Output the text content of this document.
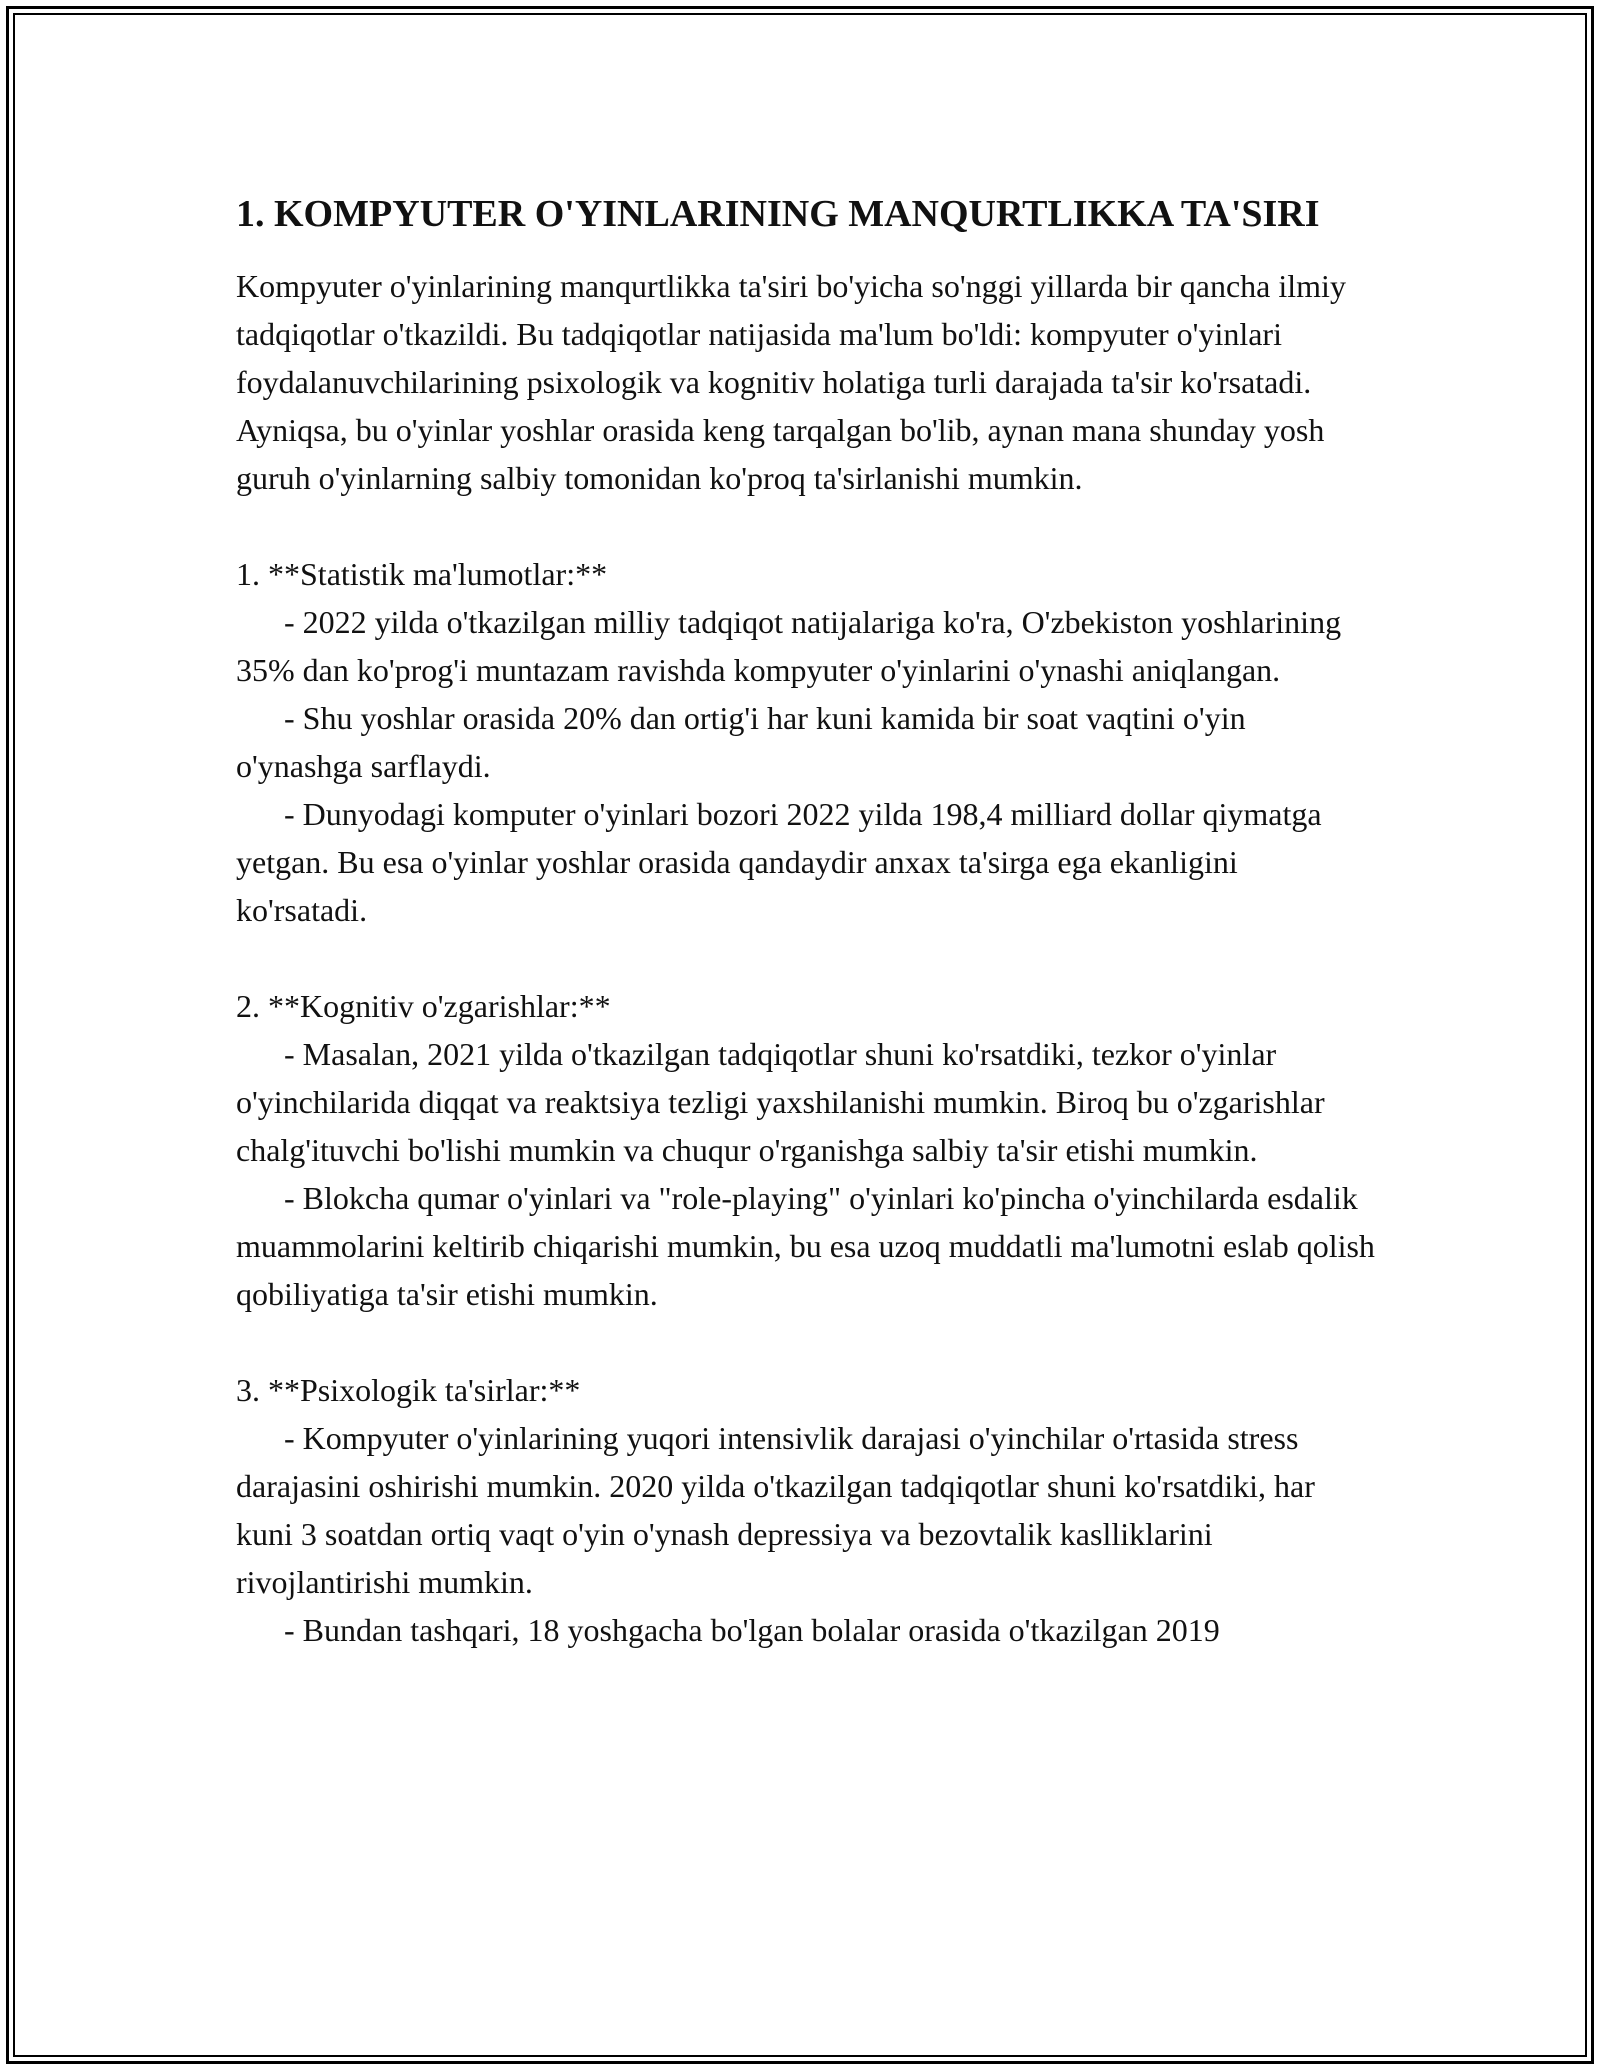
1. KOMPYUTER O'YINLARINING MANQURTLIKKA TA'SIRI

Kompyuter o'yinlarining manqurtlikka ta'siri bo'yicha so'nggi yillarda bir qancha ilmiy tadqiqotlar o'tkazildi. Bu tadqiqotlar natijasida ma'lum bo'ldi: kompyuter o'yinlari foydalanuvchilarining psixologik va kognitiv holatiga turli darajada ta'sir ko'rsatadi. Ayniqsa, bu o'yinlar yoshlar orasida keng tarqalgan bo'lib, aynan mana shunday yosh guruh o'yinlarning salbiy tomonidan ko'proq ta'sirlanishi mumkin.

1. **Statistik ma'lumotlar:**

- 2022 yilda o'tkazilgan milliy tadqiqot natijalariga ko'ra, O'zbekiston yoshlarining 35% dan ko'prog'i muntazam ravishda kompyuter o'yinlarini o'ynashi aniqlangan.

- Shu yoshlar orasida 20% dan ortig'i har kuni kamida bir soat vaqtini o'yin o'ynashga sarflaydi.

- Dunyodagi komputer o'yinlari bozori 2022 yilda 198,4 milliard dollar qiymatga yetgan. Bu esa o'yinlar yoshlar orasida qandaydir anxax ta'sirga ega ekanligini ko'rsatadi.

2. **Kognitiv o'zgarishlar:**

- Masalan, 2021 yilda o'tkazilgan tadqiqotlar shuni ko'rsatdiki, tezkor o'yinlar o'yinchilarida diqqat va reaktsiya tezligi yaxshilanishi mumkin. Biroq bu o'zgarishlar chalg'ituvchi bo'lishi mumkin va chuqur o'rganishga salbiy ta'sir etishi mumkin.

- Blokcha qumar o'yinlari va "role-playing" o'yinlari ko'pincha o'yinchilarda esdalik muammolarini keltirib chiqarishi mumkin, bu esa uzoq muddatli ma'lumotni eslab qolish qobiliyatiga ta'sir etishi mumkin.

3. **Psixologik ta'sirlar:**

- Kompyuter o'yinlarining yuqori intensivlik darajasi o'yinchilar o'rtasida stress darajasini oshirishi mumkin. 2020 yilda o'tkazilgan tadqiqotlar shuni ko'rsatdiki, har kuni 3 soatdan ortiq vaqt o'yin o'ynash depressiya va bezovtalik kaslliklarini rivojlantirishi mumkin.

- Bundan tashqari, 18 yoshgacha bo'lgan bolalar orasida o'tkazilgan 2019
